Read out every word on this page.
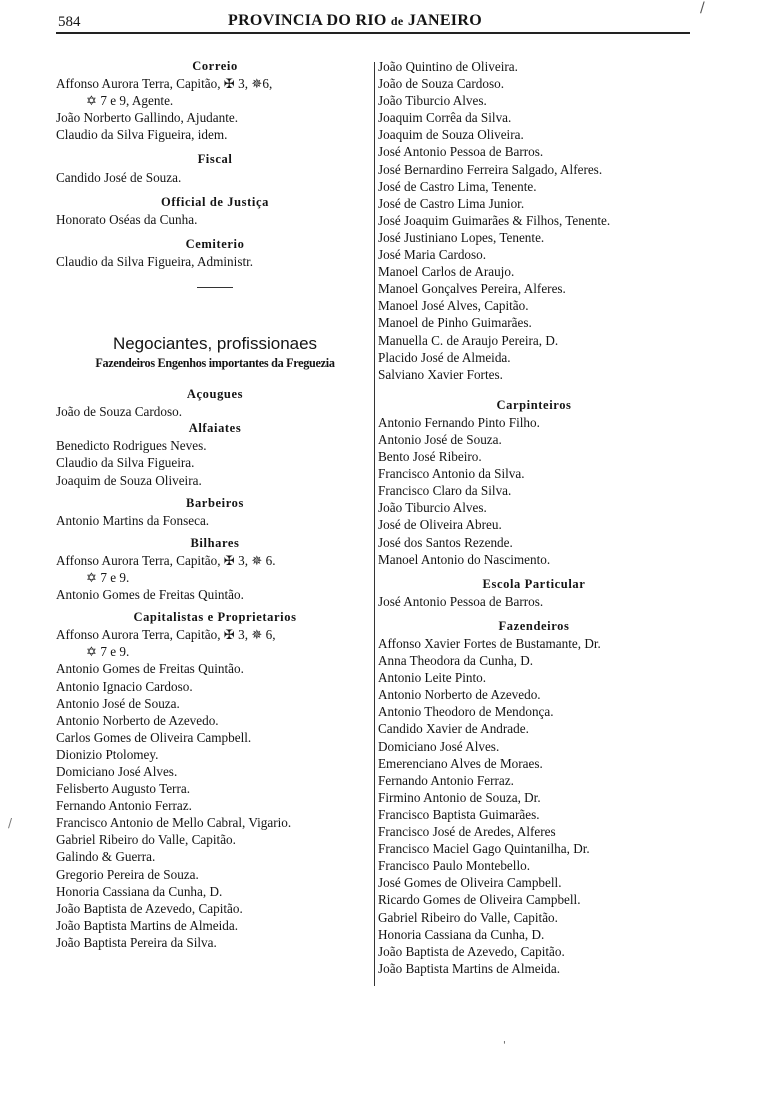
/
/
'
584	PROVINCIA DO RIO de JANEIRO
Correio
Affonso Aurora Terra, Capitão, ✠ 3, ✵6,
✡ 7 e 9, Agente.
João Norberto Gallindo, Ajudante.
Claudio da Silva Figueira, idem.
Fiscal
Candido José de Souza.
Official de Justiça
Honorato Oséas da Cunha.
Cemiterio
Claudio da Silva Figueira, Administr.
Negociantes, profissionaes
Fazendeiros Engenhos importantes da Freguezia
Açougues
João de Souza Cardoso.
Alfaiates
Benedicto Rodrigues Neves.
Claudio da Silva Figueira.
Joaquim de Souza Oliveira.
Barbeiros
Antonio Martins da Fonseca.
Bilhares
Affonso Aurora Terra, Capitão, ✠ 3, ✵ 6.
✡ 7 e 9.
Antonio Gomes de Freitas Quintão.
Capitalistas e Proprietarios
Affonso Aurora Terra, Capitão, ✠ 3, ✵ 6,
✡ 7 e 9.
Antonio Gomes de Freitas Quintão.
Antonio Ignacio Cardoso.
Antonio José de Souza.
Antonio Norberto de Azevedo.
Carlos Gomes de Oliveira Campbell.
Dionizio Ptolomey.
Domiciano José Alves.
Felisberto Augusto Terra.
Fernando Antonio Ferraz.
Francisco Antonio de Mello Cabral, Vigario.
Gabriel Ribeiro do Valle, Capitão.
Galindo & Guerra.
Gregorio Pereira de Souza.
Honoria Cassiana da Cunha, D.
João Baptista de Azevedo, Capitão.
João Baptista Martins de Almeida.
João Baptista Pereira da Silva.
João Quintino de Oliveira.
João de Souza Cardoso.
João Tiburcio Alves.
Joaquim Corrêa da Silva.
Joaquim de Souza Oliveira.
José Antonio Pessoa de Barros.
José Bernardino Ferreira Salgado, Alferes.
José de Castro Lima, Tenente.
José de Castro Lima Junior.
José Joaquim Guimarães & Filhos, Tenente.
José Justiniano Lopes, Tenente.
José Maria Cardoso.
Manoel Carlos de Araujo.
Manoel Gonçalves Pereira, Alferes.
Manoel José Alves, Capitão.
Manoel de Pinho Guimarães.
Manuella C. de Araujo Pereira, D.
Placido José de Almeida.
Salviano Xavier Fortes.
Carpinteiros
Antonio Fernando Pinto Filho.
Antonio José de Souza.
Bento José Ribeiro.
Francisco Antonio da Silva.
Francisco Claro da Silva.
João Tiburcio Alves.
José de Oliveira Abreu.
José dos Santos Rezende.
Manoel Antonio do Nascimento.
Escola Particular
José Antonio Pessoa de Barros.
Fazendeiros
Affonso Xavier Fortes de Bustamante, Dr.
Anna Theodora da Cunha, D.
Antonio Leite Pinto.
Antonio Norberto de Azevedo.
Antonio Theodoro de Mendonça.
Candido Xavier de Andrade.
Domiciano José Alves.
Emerenciano Alves de Moraes.
Fernando Antonio Ferraz.
Firmino Antonio de Souza, Dr.
Francisco Baptista Guimarães.
Francisco José de Aredes, Alferes
Francisco Maciel Gago Quintanilha, Dr.
Francisco Paulo Montebello.
José Gomes de Oliveira Campbell.
Ricardo Gomes de Oliveira Campbell.
Gabriel Ribeiro do Valle, Capitão.
Honoria Cassiana da Cunha, D.
João Baptista de Azevedo, Capitão.
João Baptista Martins de Almeida.
